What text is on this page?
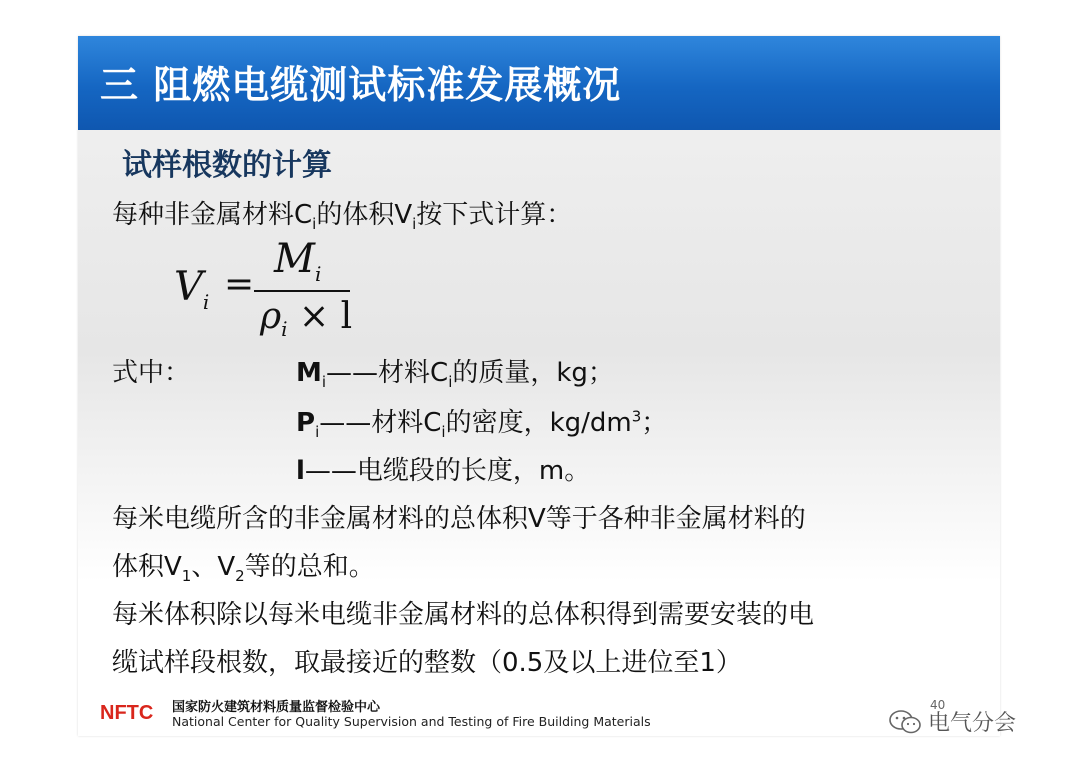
三 阻燃电缆测试标准发展概况
试样根数的计算
每种非金属材料$C_i$的体积$V_i$按下式计算：
$V_i$ =
$M_i$
$\rho_i \times l$
式中：	$M_i——$材料$C_i$的质量，kg；
$P_i——$材料$C_i$的密度，$kg/dm^3$；
l——电缆段的长度，m。
每米电缆所含的非金属材料的总体积V等于各种非金属材料的
体积$V_1$、$V_2$等的总和。
每米体积除以每米电缆非金属材料的总体积得到需要安装的电
缆试样段根数，取最接近的整数（0.5及以上进位至1）
NFTC 国家防火建筑材料质量监督检验中心
National Center for Quality Supervision and Testing of Fire Building Materials
40
电气分会
